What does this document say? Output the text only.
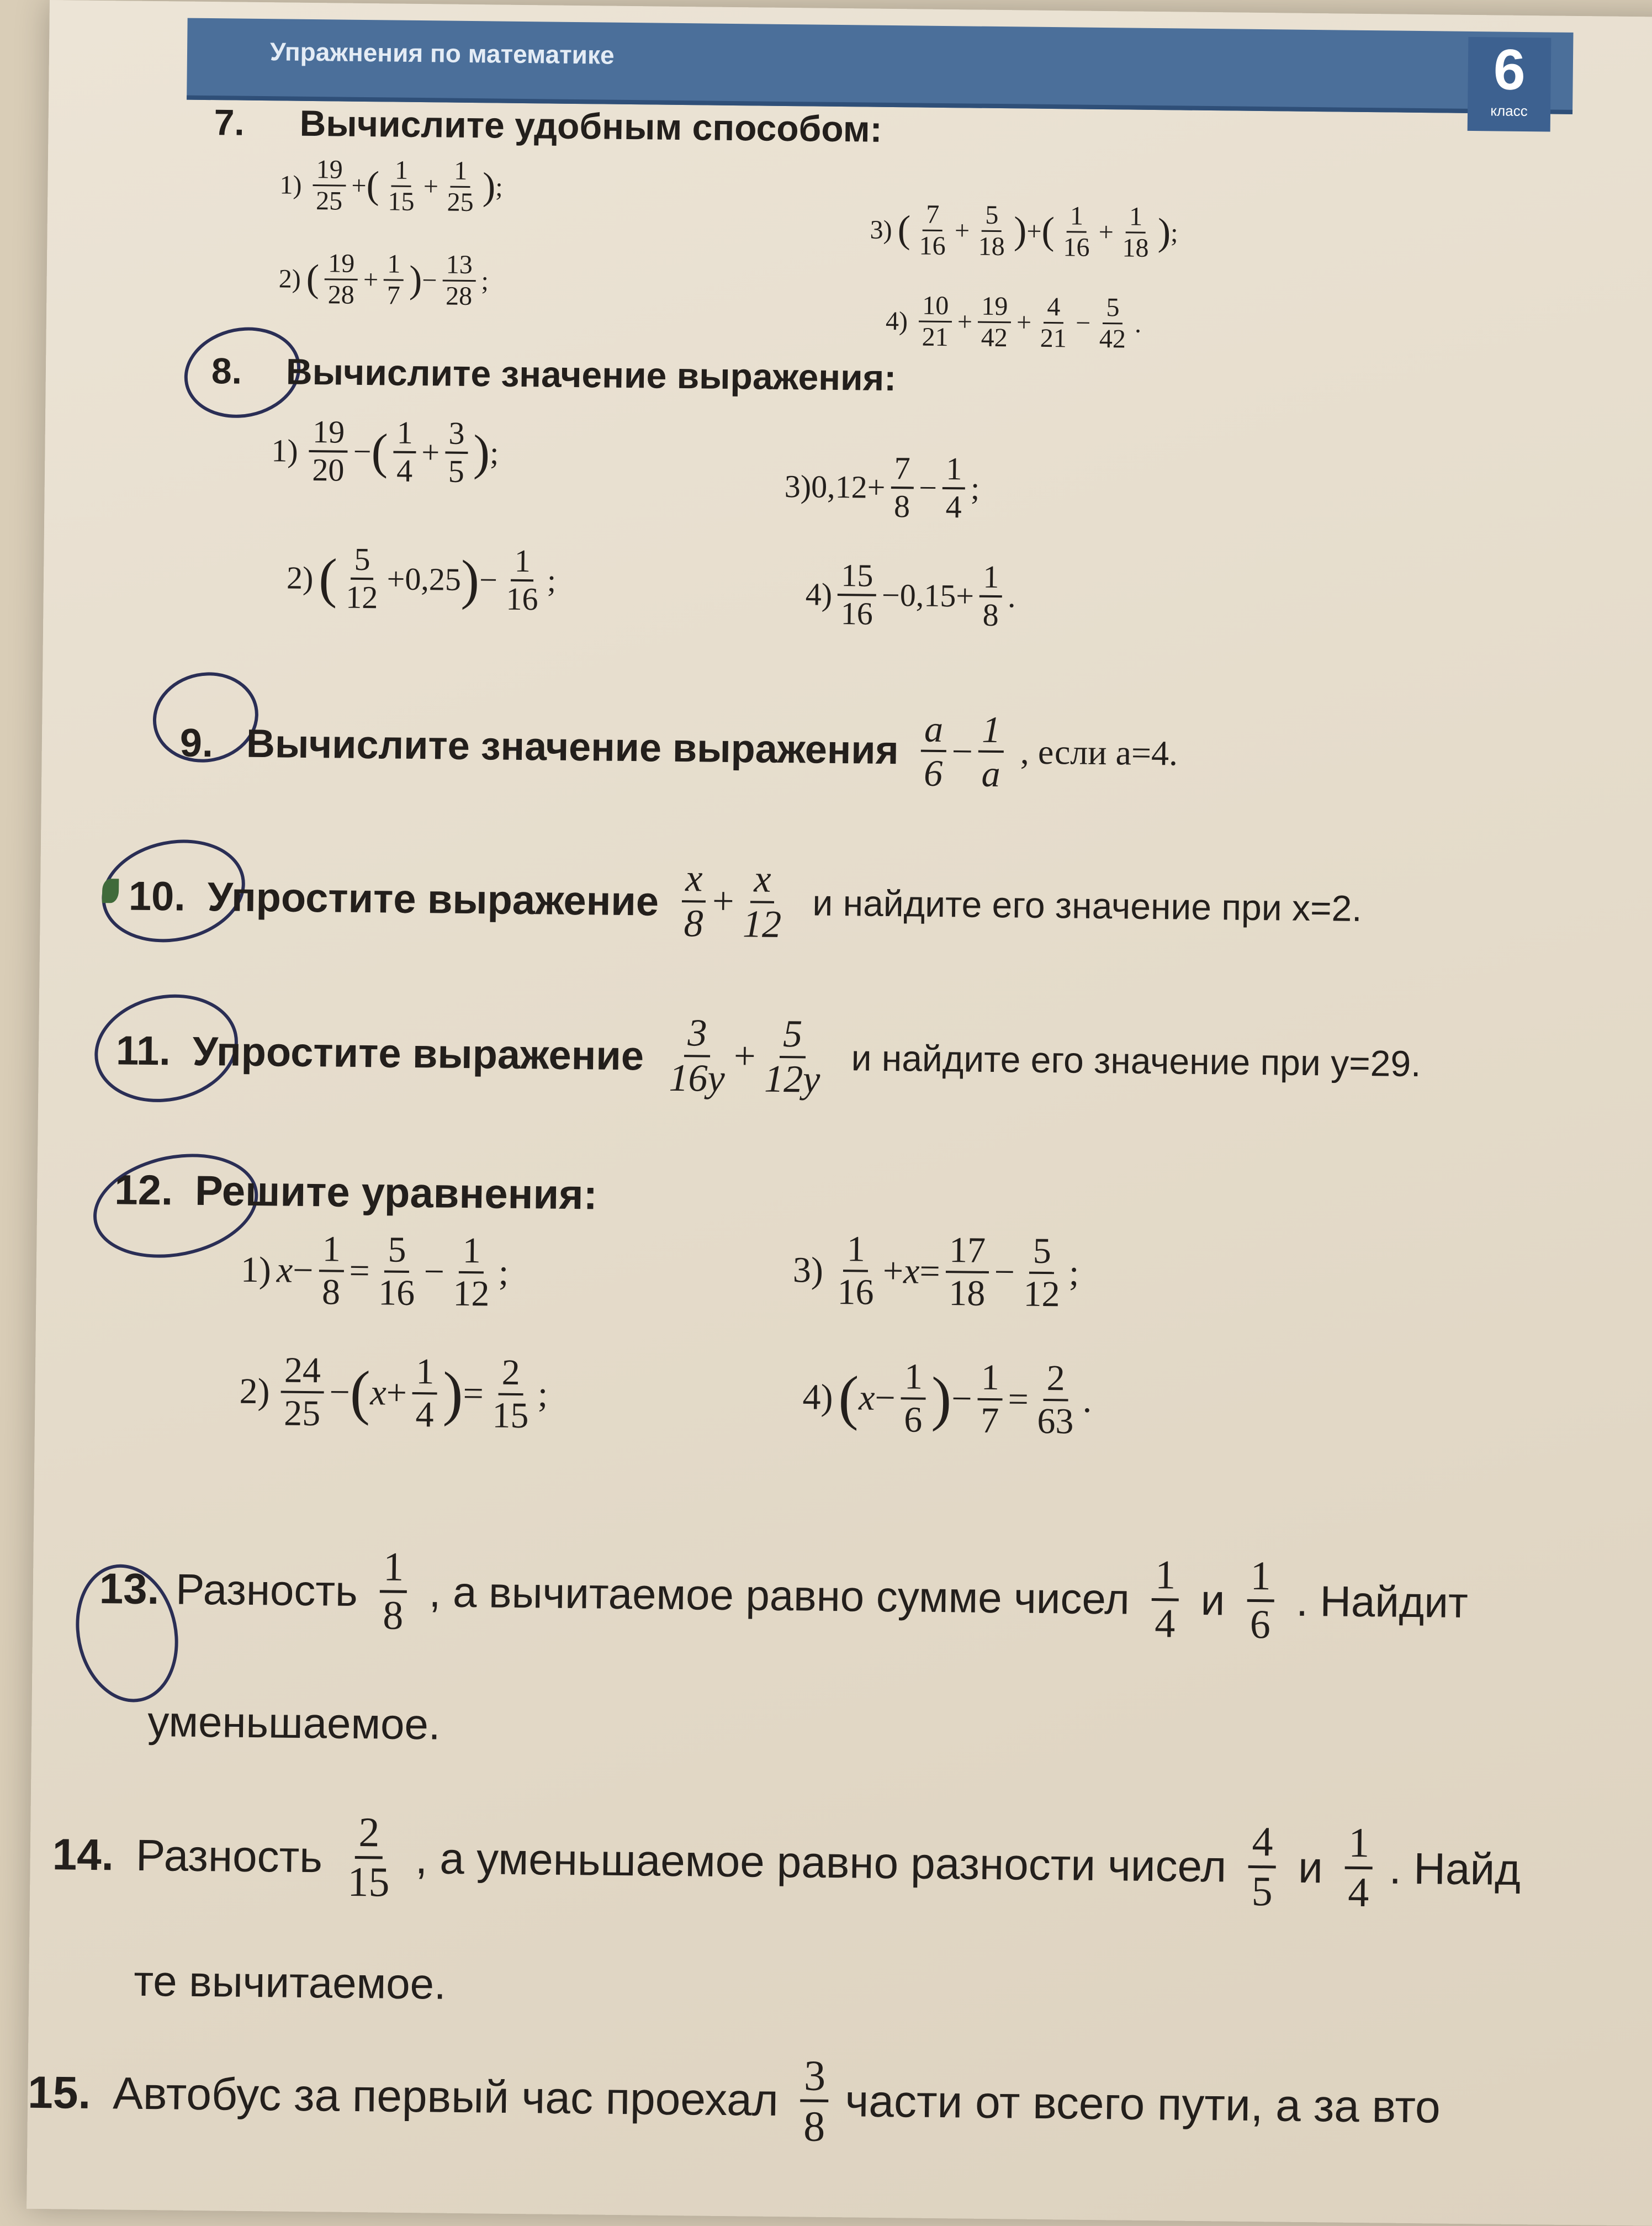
Упражнения по математике	6
класс
7. Вычислите удобным способом:
$1) \frac{19}{25}$ + ( $\frac{1}{15} + \frac{1}{25}$ ) ;
2) ( $\frac{19}{28} + \frac{1}{7}$ ) − $\frac{13}{28}$ ;
3) ( $\frac{7}{16} + \frac{5}{18}$ ) + ( $\frac{1}{16} + \frac{1}{18}$ ) ;
$4) \frac{10}{21} + \frac{19}{42} + \frac{4}{21} - \frac{5}{42}$ .
8. Вычислите значение выражения:
$1) \frac{19}{20}$ − ( $\frac{1}{4} + \frac{3}{5}$ ) ;
2) ( $\frac{5}{12} +0,25$ ) − $\frac{1}{16}$ ;
3) $0,12+ \frac{7}{8} - \frac{1}{4}$ ;
$4) \frac{15}{16} -0,15+ \frac{1}{8}$ .
9. Вычислите значение выражения $\frac{a}{6} - \frac{1}{a}$ , если a=4.
10. Упростите выражение $\frac{x}{8} + \frac{x}{12}$ и найдите его значение при x=2.
11. Упростите выражение $\frac{3}{16y} + \frac{5}{12y}$ и найдите его значение при y=29.
12. Решите уравнения:
1) $x - \frac{1}{8} = \frac{5}{16} - \frac{1}{12}$ ;
$2) \frac{24}{25}$ −
(
$x + \frac{1}{4}$ )
= $\frac{2}{15}$ ;
$3) \frac{1}{16} + x = \frac{17}{18} - \frac{5}{12}$ ;
4) (
$x - \frac{1}{6}$ )
− $\frac{1}{7} = \frac{2}{63}$ .
13. Разность $\frac{1}{8}$ , а вычитаемое равно сумме чисел $\frac{1}{4}$ и $\frac{1}{6}$ . Найдит
уменьшаемое.
14. Разность $\frac{2}{15}$ , а уменьшаемое равно разности чисел $\frac{4}{5}$ и $\frac{1}{4}$ . Найд
те вычитаемое.
15. Автобус за первый час проехал $\frac{3}{8}$ части от всего пути, а за вто
